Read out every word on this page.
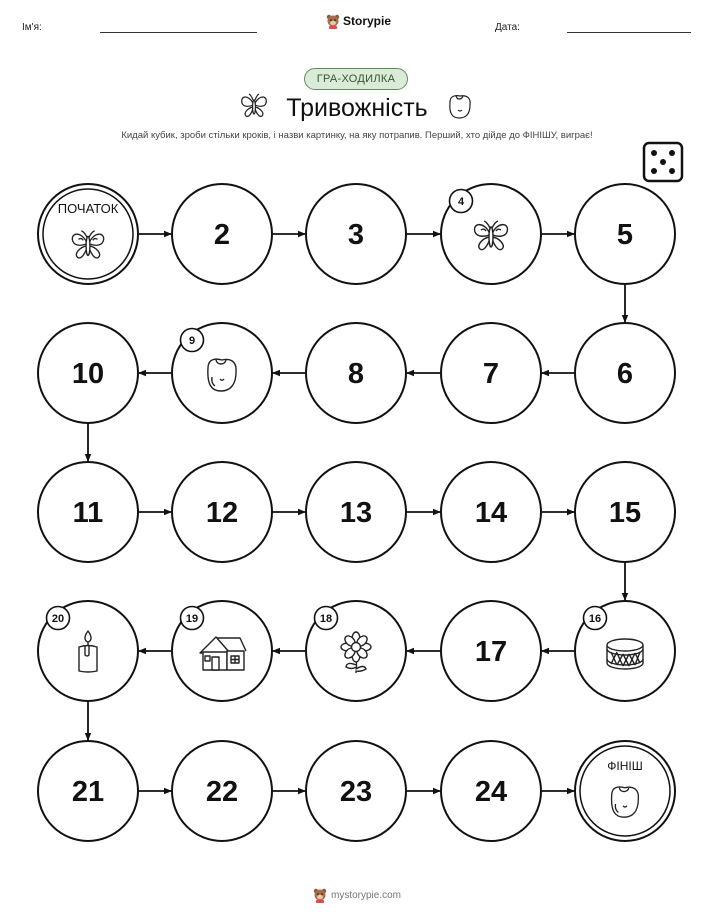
Ім'я:	Storypie	Дата:
ГРА-ХОДИЛКА
Тривожність
Кидай кубик, зроби стільки кроків, і назви картинку, на яку потрапив. Перший, хто дійде до ФІНІШУ, виграє!
ПОЧАТОК
2	3
4
5
6
7
8
9
10
11	12	13	14	15
16
17
18
19
20
21	22	23	24
ФІНІШ
mystorypie.com
